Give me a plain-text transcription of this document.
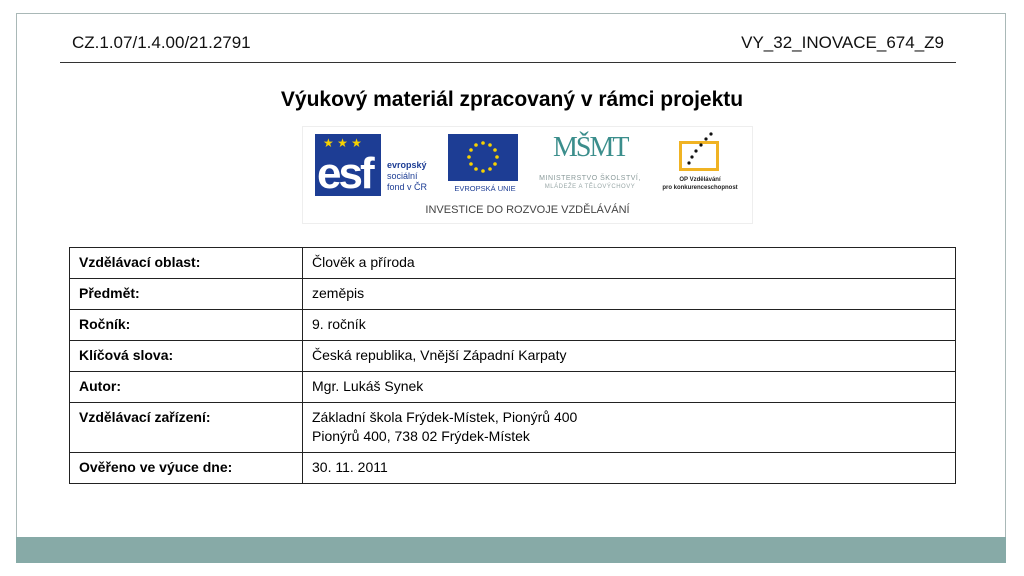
CZ.1.07/1.4.00/21.2791	VY_32_INOVACE_674_Z9
Výukový materiál zpracovaný v rámci projektu
★ ★ ★
esf evropský
sociální
fond v ČR	EVROPSKÁ UNIE
MŠMT
MINISTERSTVO ŠKOLSTVÍ,
MLÁDEŽE A TĚLOVÝCHOVY
OP Vzdělávání
pro konkurenceschopnost
INVESTICE DO ROZVOJE VZDĚLÁVÁNÍ
Vzdělávací oblast:	Člověk a příroda
Předmět:	zeměpis
Ročník:	9. ročník
Klíčová slova:	Česká republika, Vnější Západní Karpaty
Autor:	Mgr. Lukáš Synek
Vzdělávací zařízení:	Základní škola Frýdek-Místek, Pionýrů 400
Pionýrů 400, 738 02 Frýdek-Místek

Ověřeno ve výuce dne:	30. 11. 2011
